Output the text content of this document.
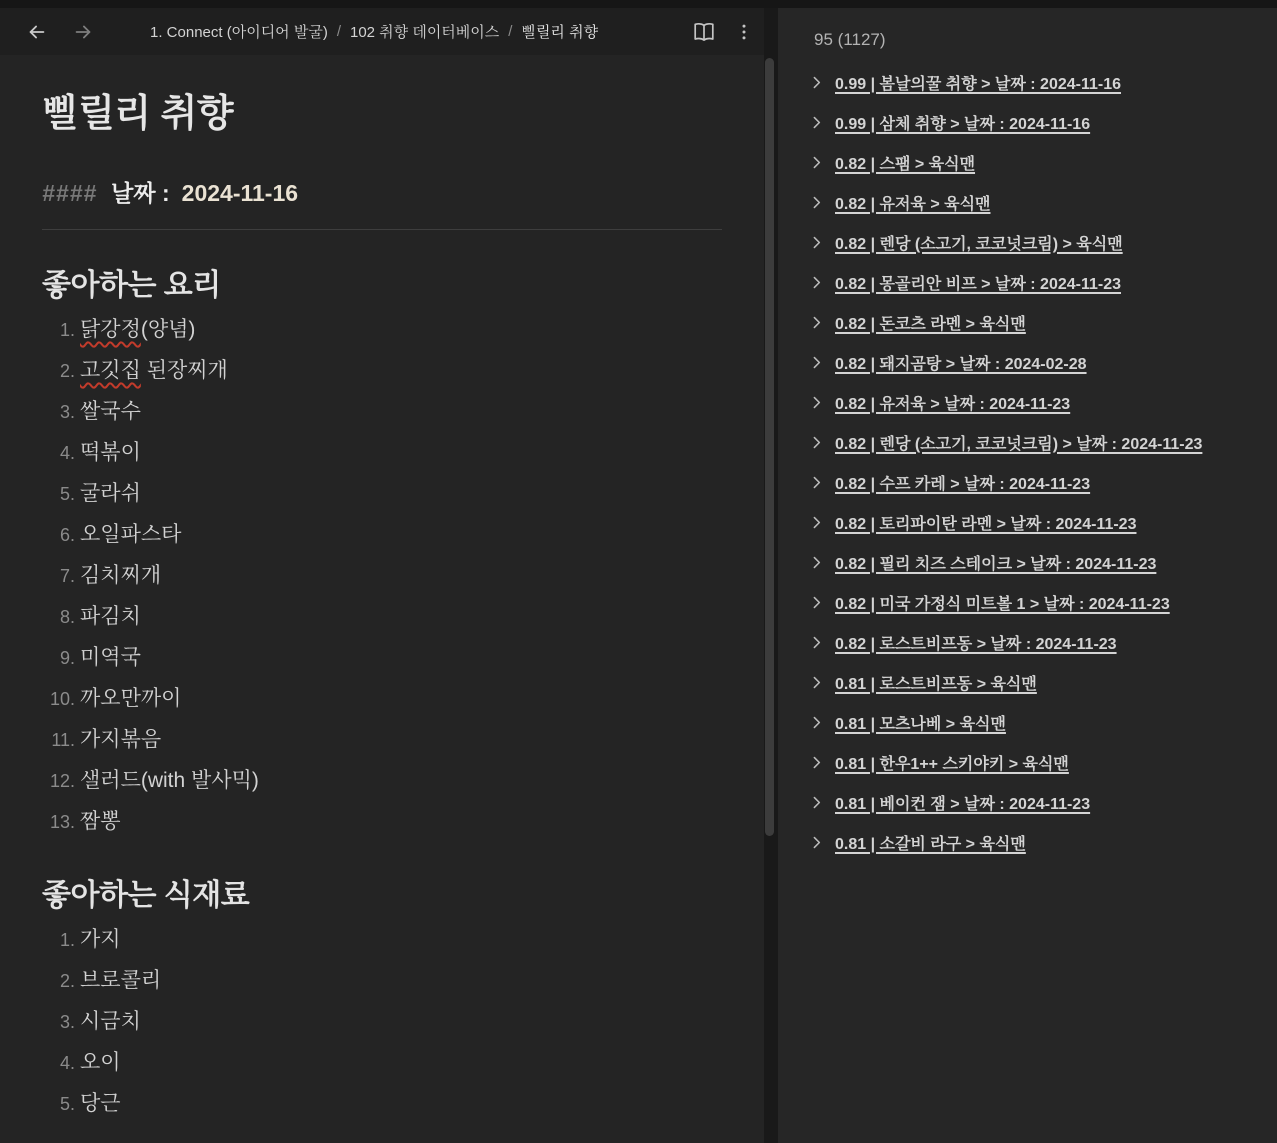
1. Connect (아이디어 발굴) / 102 취향 데이터베이스 / 삘릴리 취향
삘릴리 취향
#### 날짜 : 2024-11-16
좋아하는 요리
1. 닭강정(양념)
2. 고깃집 된장찌개
3. 쌀국수
4. 떡볶이
5. 굴라쉬
6. 오일파스타
7. 김치찌개
8. 파김치
9. 미역국
10. 까오만까이
11. 가지볶음
12. 샐러드(with 발사믹)
13. 짬뽕
좋아하는 식재료
1. 가지
2. 브로콜리
3. 시금치
4. 오이
5. 당근
95 (1127)
0.99 | 봄날의꿀 취향 > 날짜 : 2024-11-16
0.99 | 삼체 취향 > 날짜 : 2024-11-16
0.82 | 스팸 > 육식맨
0.82 | 유저육 > 육식맨
0.82 | 렌당 (소고기, 코코넛크림) > 육식맨
0.82 | 몽골리안 비프 > 날짜 : 2024-11-23
0.82 | 돈코츠 라멘 > 육식맨
0.82 | 돼지곰탕 > 날짜 : 2024-02-28
0.82 | 유저육 > 날짜 : 2024-11-23
0.82 | 렌당 (소고기, 코코넛크림) > 날짜 : 2024-11-23
0.82 | 수프 카레 > 날짜 : 2024-11-23
0.82 | 토리파이탄 라멘 > 날짜 : 2024-11-23
0.82 | 필리 치즈 스테이크 > 날짜 : 2024-11-23
0.82 | 미국 가정식 미트볼 1 > 날짜 : 2024-11-23
0.82 | 로스트비프동 > 날짜 : 2024-11-23
0.81 | 로스트비프동 > 육식맨
0.81 | 모츠나베 > 육식맨
0.81 | 한우1++ 스키야키 > 육식맨
0.81 | 베이컨 잼 > 날짜 : 2024-11-23
0.81 | 소갈비 라구 > 육식맨
